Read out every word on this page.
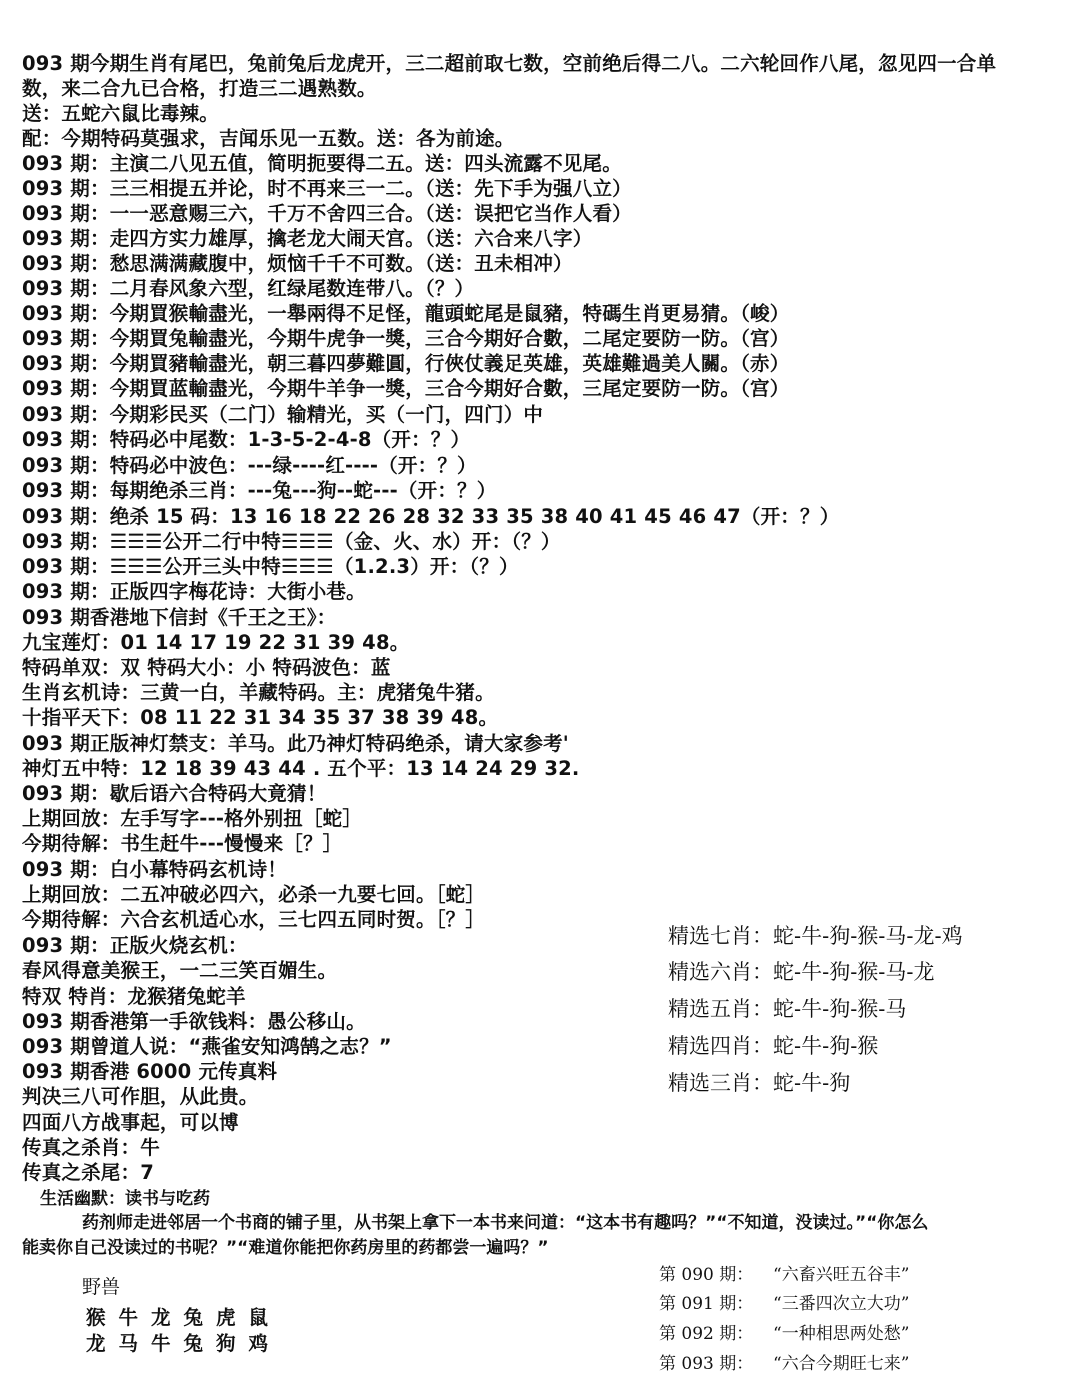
093 期今期生肖有尾巴，兔前兔后龙虎开，三二超前取七数，空前绝后得二八。二六轮回作八尾，忽见四一合单
数，来二合九已合格，打造三二遇熟数。
送：五蛇六鼠比毒辣。
配：今期特码莫强求，吉闻乐见一五数。送：各为前途。
093 期：主演二八见五值，简明扼要得二五。送：四头流露不见尾。
093 期：三三相提五并论，时不再来三一二。（送：先下手为强八立）
093 期：一一恶意赐三六，千万不舍四三合。（送：误把它当作人看）
093 期：走四方实力雄厚，擒老龙大闹天宫。（送：六合来八字）
093 期：愁思满满藏腹中，烦恼千千不可数。（送：丑未相冲）
093 期：二月春风象六型，红绿尾数连带八。（？）
093 期：今期買猴輸盡光，一舉兩得不足怪，龍頭蛇尾是鼠豬，特碼生肖更易猜。（峻）
093 期：今期買兔輸盡光，今期牛虎争一獎，三合今期好合數，二尾定要防一防。（宫）
093 期：今期買豬輸盡光，朝三暮四夢難圓，行俠仗義足英雄，英雄難過美人關。（赤）
093 期：今期買蓝輸盡光，今期牛羊争一獎，三合今期好合數，三尾定要防一防。（宫）
093 期：今期彩民买（二门）输精光，买（一门，四门）中
093 期：特码必中尾数：1-3-5-2-4-8（开：？）
093 期：特码必中波色：---绿----红----（开：？）
093 期：每期绝杀三肖：---兔---狗--蛇---（开：？）
093 期：绝杀 15 码：13 16 18 22 26 28 32 33 35 38 40 41 45 46 47（开：？）
093 期：☰☰☰公开二行中特☰☰☰（金、火、水）开：（？）
093 期：☰☰☰公开三头中特☰☰☰（1.2.3）开：（？）
093 期：正版四字梅花诗：大街小巷。
093 期香港地下信封《千王之王》：
九宝莲灯：01 14 17 19 22 31 39 48。
特码单双：双 特码大小：小 特码波色：蓝
生肖玄机诗：三黄一白，羊藏特码。主：虎猪兔牛猪。
十指平天下：08 11 22 31 34 35 37 38 39 48。
093 期正版神灯禁支：羊马。此乃神灯特码绝杀，请大家参考'
神灯五中特：12 18 39 43 44 . 五个平：13 14 24 29 32.
093 期：歇后语六合特码大竟猜！
上期回放：左手写字---格外别扭［蛇］
今期待解：书生赶牛---慢慢来［？］
093 期：白小幕特码玄机诗！
上期回放：二五冲破必四六，必杀一九要七回。［蛇］
今期待解：六合玄机适心水，三七四五同时贺。［？］
093 期：正版火烧玄机：
春风得意美猴王，一二三笑百媚生。
特双 特肖：龙猴猪兔蛇羊
093 期香港第一手欲钱料：愚公移山。
093 期曾道人说：“燕雀安知鸿鹄之志？”
093 期香港 6000 元传真料
判决三八可作胆，从此贵。
四面八方战事起，可以博
传真之杀肖：牛
传真之杀尾：7
精选七肖：蛇-牛-狗-猴-马-龙-鸡
精选六肖：蛇-牛-狗-猴-马-龙
精选五肖：蛇-牛-狗-猴-马
精选四肖：蛇-牛-狗-猴
精选三肖：蛇-牛-狗
生活幽默：读书与吃药
药剂师走进邻居一个书商的铺子里，从书架上拿下一本书来问道：“这本书有趣吗？”“不知道，没读过。”“你怎么
能卖你自己没读过的书呢？”“难道你能把你药房里的药都尝一遍吗？”
野兽
猴牛龙兔虎鼠
龙马牛兔狗鸡
第 090 期： “六畜兴旺五谷丰”
第 091 期： “三番四次立大功”
第 092 期： “一种相思两处愁”
第 093 期： “六合今期旺七来”
